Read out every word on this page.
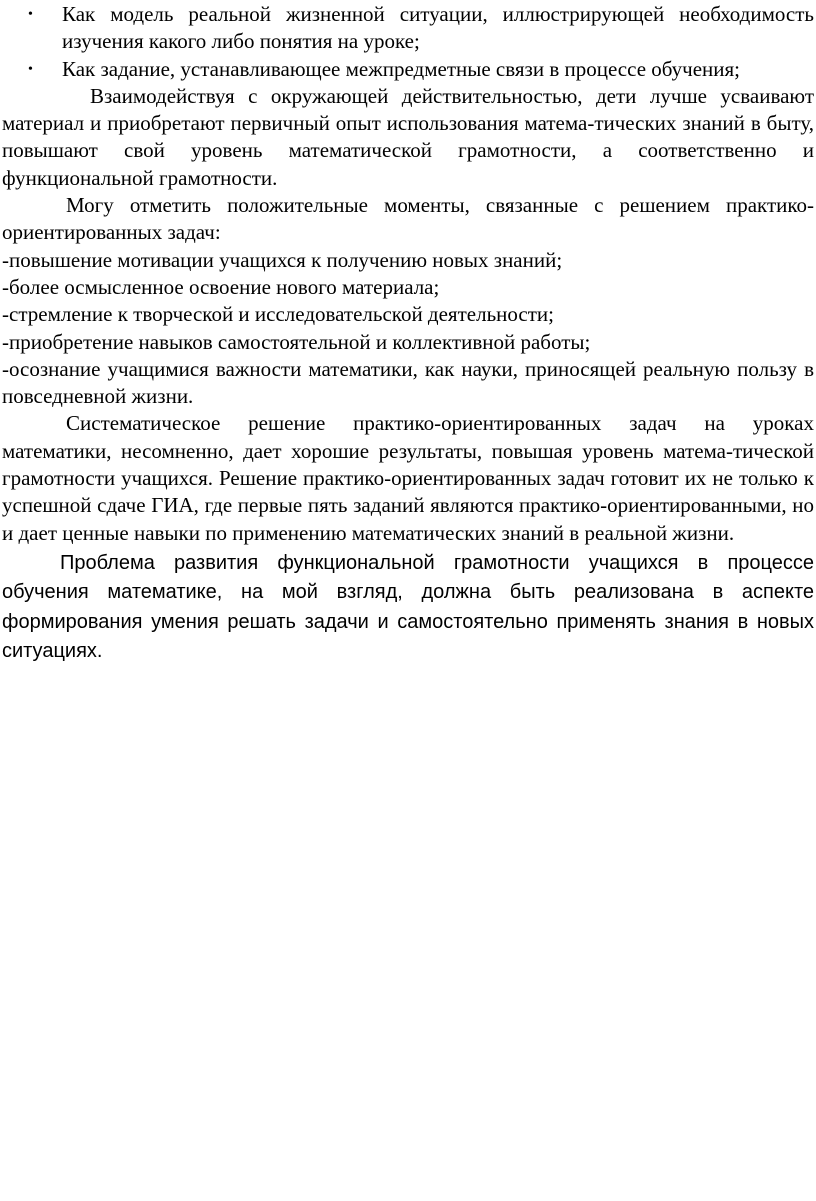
• Как модель реальной жизненной ситуации, иллюстрирующей необходимость изучения какого либо понятия на уроке;
• Как задание, устанавливающее межпредметные связи в процессе обучения;

Взаимодействуя с окружающей действительностью, дети лучше усваивают материал и приобретают первичный опыт использования матема-тических знаний в быту, повышают свой уровень математической грамотности, а соответственно и функциональной грамотности.

Могу отметить положительные моменты, связанные с решением практико-ориентированных задач:

-повышение мотивации учащихся к получению новых знаний;

-более осмысленное освоение нового материала;

-стремление к творческой и исследовательской деятельности;

-приобретение навыков самостоятельной и коллективной работы;

-осознание учащимися важности математики, как науки, приносящей реальную пользу в повседневной жизни.

Систематическое решение практико-ориентированных задач на уроках математики, несомненно, дает хорошие результаты, повышая уровень матема-тической грамотности учащихся. Решение практико-ориентированных задач готовит их не только к успешной сдаче ГИА, где первые пять заданий являются практико-ориентированными, но и дает ценные навыки по применению математических знаний в реальной жизни.

Проблема развития функциональной грамотности учащихся в процессе обучения математике, на мой взгляд, должна быть реализована в аспекте формирования умения решать задачи и самостоятельно применять знания в новых ситуациях.
